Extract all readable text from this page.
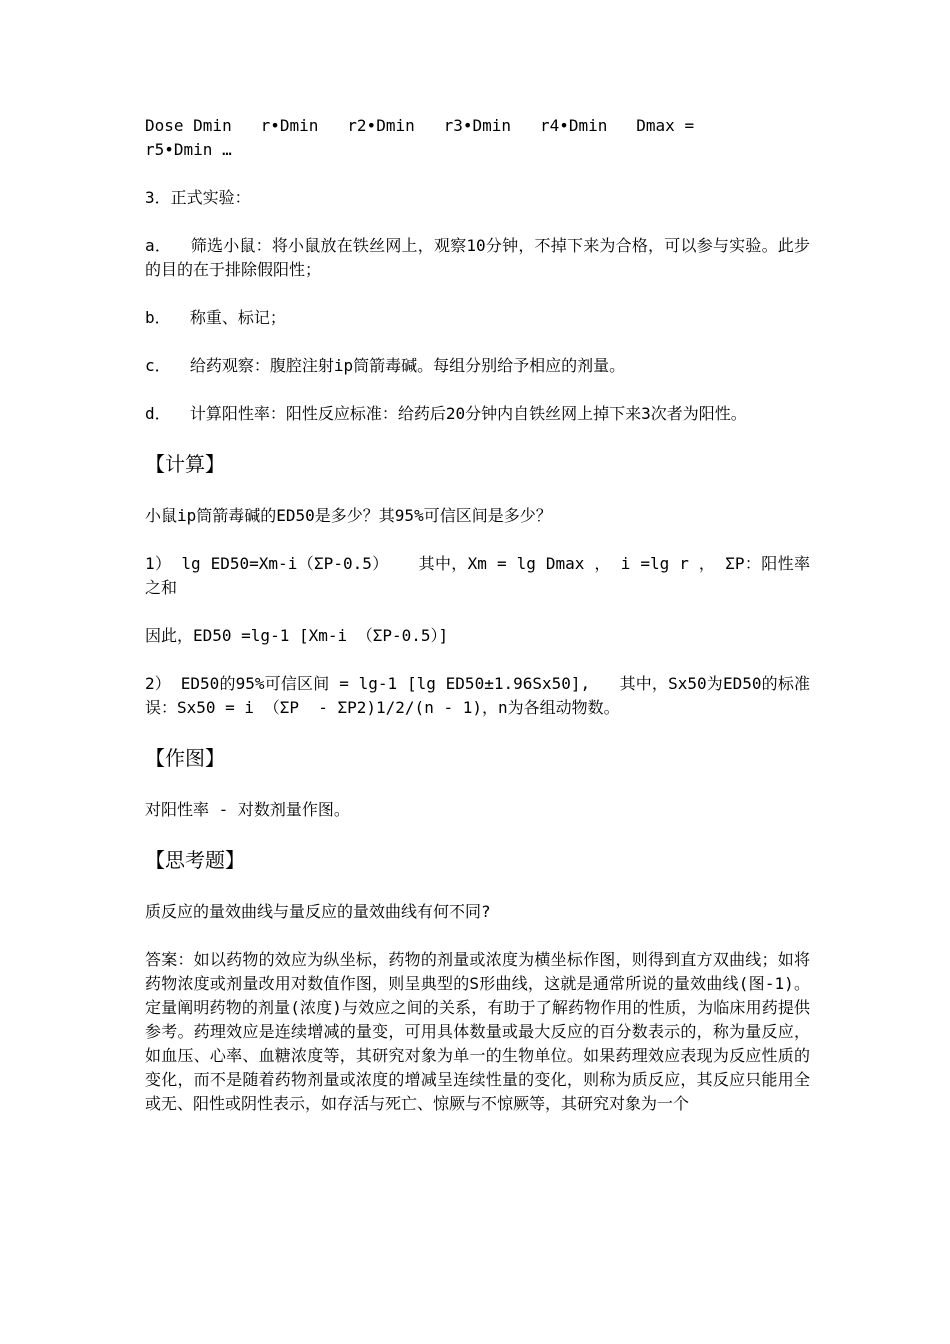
Dose Dmin   r•Dmin   r2•Dmin   r3•Dmin   r4•Dmin   Dmax =
r5•Dmin …

3．正式实验：

a．  筛选小鼠：将小鼠放在铁丝网上，观察10分钟，不掉下来为合格，可以参与实验。此步的目的在于排除假阳性；

b．  称重、标记；

c．  给药观察：腹腔注射ip筒箭毒碱。每组分别给予相应的剂量。

d．  计算阳性率：阳性反应标准：给药后20分钟内自铁丝网上掉下来3次者为阳性。

【计算】

小鼠ip筒箭毒碱的ED50是多少？其95%可信区间是多少？

1） lg ED50=Xm-i（ΣP-0.5）   其中，Xm = lg Dmax ， i =lg r ， ΣP：阳性率之和

因此，ED50 =lg-1 [Xm-i （ΣP-0.5）]

2） ED50的95%可信区间 = lg-1 [lg ED50±1.96Sx50],   其中，Sx50为ED50的标准误：Sx50 = i （ΣP  - ΣP2)1/2/(n - 1)，n为各组动物数。

【作图】

对阳性率 - 对数剂量作图。

【思考题】

质反应的量效曲线与量反应的量效曲线有何不同?

答案：如以药物的效应为纵坐标，药物的剂量或浓度为横坐标作图，则得到直方双曲线；如将药物浓度或剂量改用对数值作图，则呈典型的S形曲线，这就是通常所说的量效曲线(图-1)。定量阐明药物的剂量(浓度)与效应之间的关系，有助于了解药物作用的性质，为临床用药提供参考。药理效应是连续增减的量变，可用具体数量或最大反应的百分数表示的，称为量反应，如血压、心率、血糖浓度等，其研究对象为单一的生物单位。如果药理效应表现为反应性质的变化，而不是随着药物剂量或浓度的增减呈连续性量的变化，则称为质反应，其反应只能用全或无、阳性或阴性表示，如存活与死亡、惊厥与不惊厥等，其研究对象为一个
